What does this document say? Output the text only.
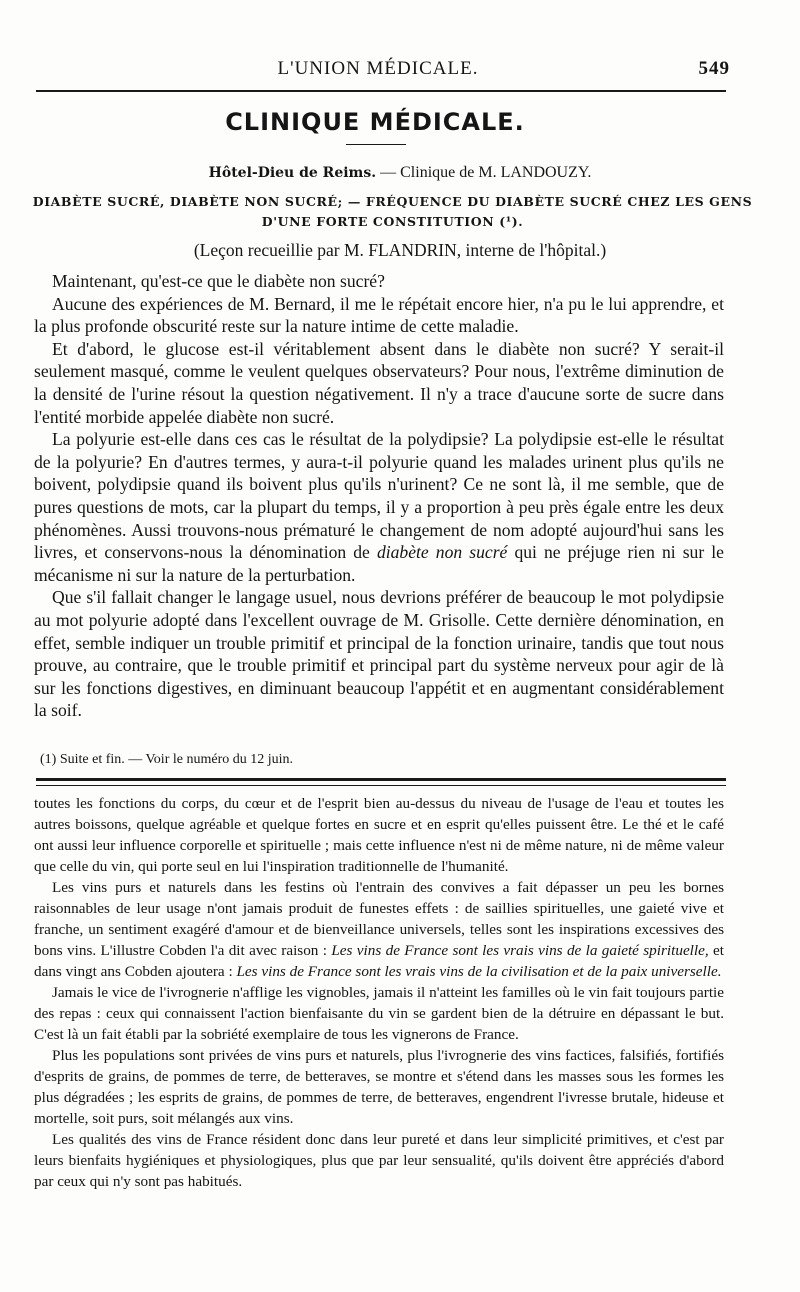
L'UNION MÉDICALE.	549
CLINIQUE MÉDICALE.
Hôtel-Dieu de Reims. — Clinique de M. LANDOUZY.
DIABÈTE SUCRÉ, DIABÈTE NON SUCRÉ; — FRÉQUENCE DU DIABÈTE SUCRÉ CHEZ LES GENS D'UNE FORTE CONSTITUTION (¹).
(Leçon recueillie par M. FLANDRIN, interne de l'hôpital.)

Maintenant, qu'est-ce que le diabète non sucré?

Aucune des expériences de M. Bernard, il me le répétait encore hier, n'a pu le lui apprendre, et la plus profonde obscurité reste sur la nature intime de cette maladie.

Et d'abord, le glucose est-il véritablement absent dans le diabète non sucré? Y serait-il seulement masqué, comme le veulent quelques observateurs? Pour nous, l'extrême diminution de la densité de l'urine résout la question négativement. Il n'y a trace d'aucune sorte de sucre dans l'entité morbide appelée diabète non sucré.

La polyurie est-elle dans ces cas le résultat de la polydipsie? La polydipsie est-elle le résultat de la polyurie? En d'autres termes, y aura-t-il polyurie quand les malades urinent plus qu'ils ne boivent, polydipsie quand ils boivent plus qu'ils n'urinent? Ce ne sont là, il me semble, que de pures questions de mots, car la plupart du temps, il y a proportion à peu près égale entre les deux phénomènes. Aussi trouvons-nous prématuré le changement de nom adopté aujourd'hui sans les livres, et conservons-nous la dénomination de diabète non sucré qui ne préjuge rien ni sur le mécanisme ni sur la nature de la perturbation.

Que s'il fallait changer le langage usuel, nous devrions préférer de beaucoup le mot polydipsie au mot polyurie adopté dans l'excellent ouvrage de M. Grisolle. Cette dernière dénomination, en effet, semble indiquer un trouble primitif et principal de la fonction urinaire, tandis que tout nous prouve, au contraire, que le trouble primitif et principal part du système nerveux pour agir de là sur les fonctions digestives, en diminuant beaucoup l'appétit et en augmentant considérablement la soif.

(1) Suite et fin. — Voir le numéro du 12 juin.

toutes les fonctions du corps, du cœur et de l'esprit bien au-dessus du niveau de l'usage de l'eau et toutes les autres boissons, quelque agréable et quelque fortes en sucre et en esprit qu'elles puissent être. Le thé et le café ont aussi leur influence corporelle et spirituelle ; mais cette influence n'est ni de même nature, ni de même valeur que celle du vin, qui porte seul en lui l'inspiration traditionnelle de l'humanité.

Les vins purs et naturels dans les festins où l'entrain des convives a fait dépasser un peu les bornes raisonnables de leur usage n'ont jamais produit de funestes effets : de saillies spirituelles, une gaieté vive et franche, un sentiment exagéré d'amour et de bienveillance universels, telles sont les inspirations excessives des bons vins. L'illustre Cobden l'a dit avec raison : Les vins de France sont les vrais vins de la gaieté spirituelle, et dans vingt ans Cobden ajoutera : Les vins de France sont les vrais vins de la civilisation et de la paix universelle.

Jamais le vice de l'ivrognerie n'afflige les vignobles, jamais il n'atteint les familles où le vin fait toujours partie des repas : ceux qui connaissent l'action bienfaisante du vin se gardent bien de la détruire en dépassant le but. C'est là un fait établi par la sobriété exemplaire de tous les vignerons de France.

Plus les populations sont privées de vins purs et naturels, plus l'ivrognerie des vins factices, falsifiés, fortifiés d'esprits de grains, de pommes de terre, de betteraves, se montre et s'étend dans les masses sous les formes les plus dégradées ; les esprits de grains, de pommes de terre, de betteraves, engendrent l'ivresse brutale, hideuse et mortelle, soit purs, soit mélangés aux vins.

Les qualités des vins de France résident donc dans leur pureté et dans leur simplicité primitives, et c'est par leurs bienfaits hygiéniques et physiologiques, plus que par leur sensualité, qu'ils doivent être appréciés d'abord par ceux qui n'y sont pas habitués.
